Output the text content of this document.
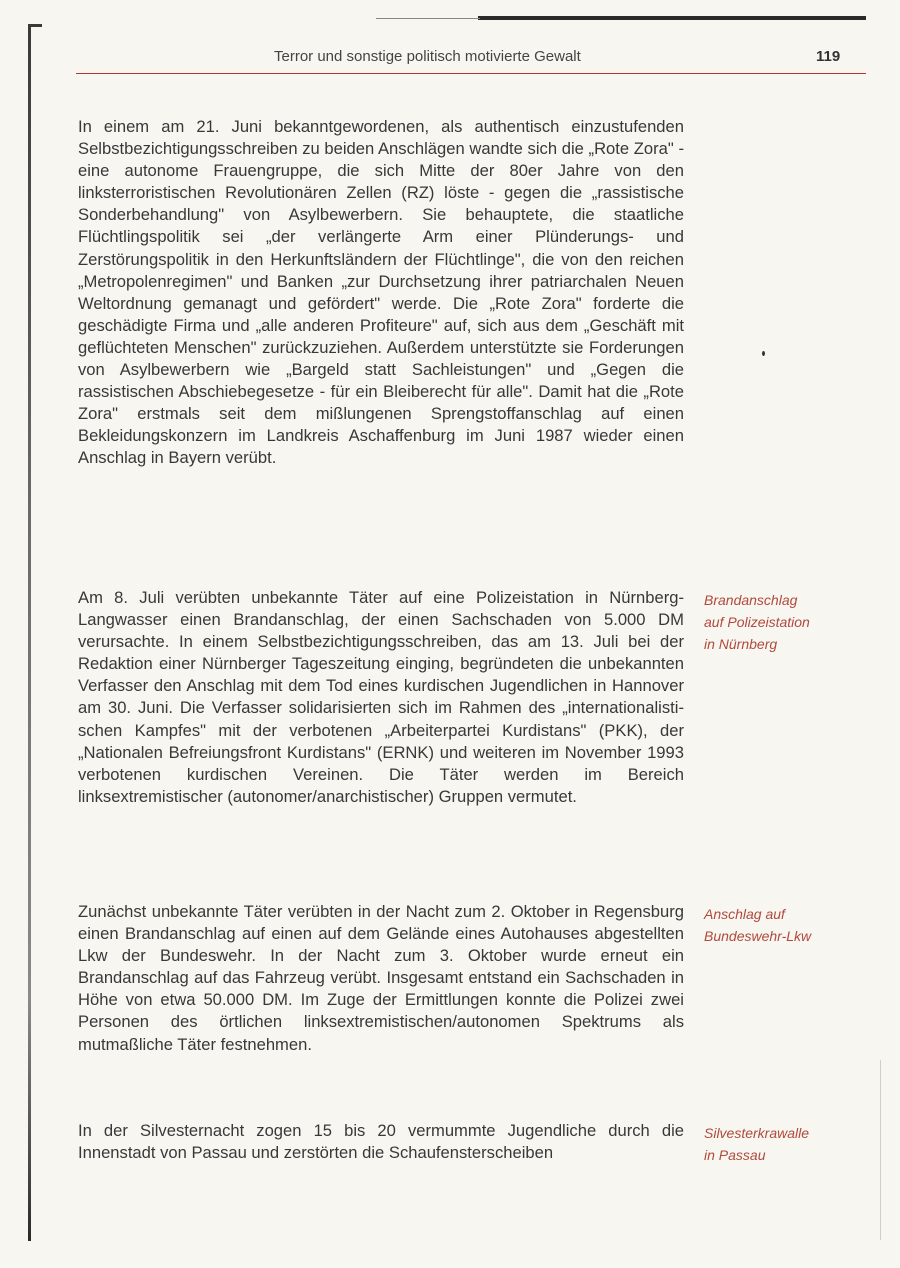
Terror und sonstige politisch motivierte Gewalt	119
In einem am 21. Juni bekanntgewordenen, als authentisch einzustufenden Selbstbezichtigungsschreiben zu beiden Anschlägen wandte sich die „Rote Zora" - eine autonome Frauengruppe, die sich Mitte der 80er Jahre von den linksterroristischen Revolutionären Zellen (RZ) löste - gegen die „rassistische Sonderbehandlung" von Asylbewerbern. Sie behauptete, die staatliche Flüchtlingspolitik sei „der verlängerte Arm einer Plünderungs- und Zerstörungspolitik in den Herkunftsländern der Flüchtlinge", die von den reichen „Metropolenregimen" und Banken „zur Durchsetzung ihrer patriarchalen Neuen Weltordnung gemanagt und gefördert" werde. Die „Rote Zora" forderte die geschädigte Firma und „alle anderen Profiteure" auf, sich aus dem „Geschäft mit geflüchteten Menschen" zurückzuziehen. Außerdem unterstützte sie Forderungen von Asylbewerbern wie „Bargeld statt Sachleistungen" und „Gegen die rassistischen Abschiebegesetze - für ein Bleiberecht für alle". Damit hat die „Rote Zora" erstmals seit dem mißlungenen Sprengstoffanschlag auf einen Bekleidungskonzern im Landkreis Aschaffenburg im Juni 1987 wieder einen Anschlag in Bayern verübt.
Am 8. Juli verübten unbekannte Täter auf eine Polizeistation in Nürnberg-Langwasser einen Brandanschlag, der einen Sachschaden von 5.000 DM verursachte. In einem Selbstbezichtigungsschreiben, das am 13. Juli bei der Redaktion einer Nürnberger Tageszeitung einging, begründeten die unbekannten Verfasser den Anschlag mit dem Tod eines kurdischen Jugendlichen in Hannover am 30. Juni. Die Verfasser solidarisierten sich im Rahmen des „internationalistischen Kampfes" mit der verbotenen „Arbeiterpartei Kurdistans" (PKK), der „Nationalen Befreiungsfront Kurdistans" (ERNK) und weiteren im November 1993 verbotenen kurdischen Vereinen. Die Täter werden im Bereich linksextremistischer (autonomer/anarchistischer) Gruppen vermutet.
Zunächst unbekannte Täter verübten in der Nacht zum 2. Oktober in Regensburg einen Brandanschlag auf einen auf dem Gelände eines Autohauses abgestellten Lkw der Bundeswehr. In der Nacht zum 3. Oktober wurde erneut ein Brandanschlag auf das Fahrzeug verübt. Insgesamt entstand ein Sachschaden in Höhe von etwa 50.000 DM. Im Zuge der Ermittlungen konnte die Polizei zwei Personen des örtlichen linksextremistischen/autonomen Spektrums als mutmaßliche Täter festnehmen.
In der Silvesternacht zogen 15 bis 20 vermummte Jugendliche durch die Innenstadt von Passau und zerstörten die Schaufensterscheiben
Brandanschlag
auf Polizeistation
in Nürnberg
Anschlag auf
Bundeswehr-Lkw
Silvesterkrawalle
in Passau
